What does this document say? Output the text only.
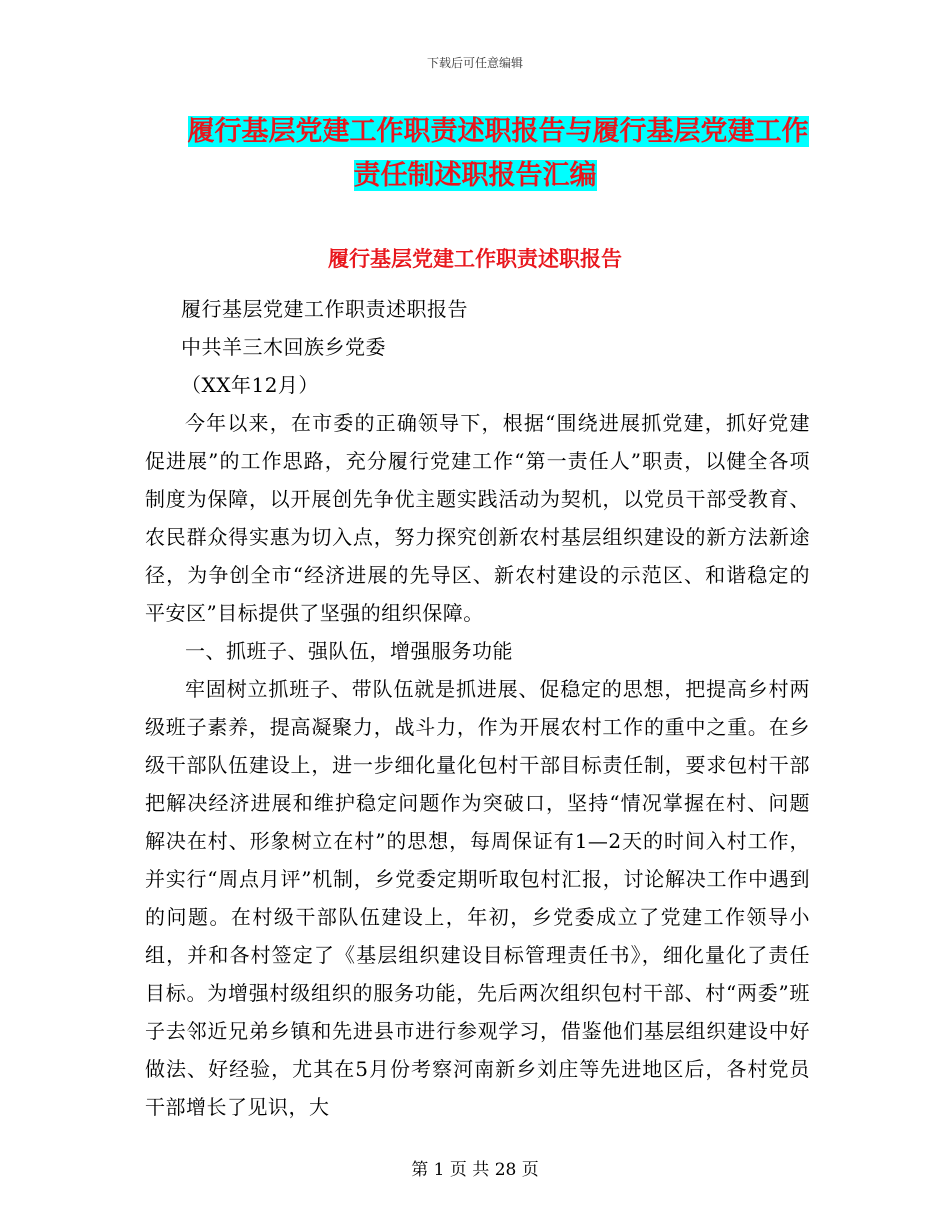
下载后可任意编辑
履行基层党建工作职责述职报告与履行基层党建工作
责任制述职报告汇编
履行基层党建工作职责述职报告

履行基层党建工作职责述职报告

中共羊三木回族乡党委

（XX年12月）

今年以来，在市委的正确领导下，根据“围绕进展抓党建，抓好党建促进展”的工作思路，充分履行党建工作“第一责任人”职责，以健全各项制度为保障，以开展创先争优主题实践活动为契机，以党员干部受教育、农民群众得实惠为切入点，努力探究创新农村基层组织建设的新方法新途径，为争创全市“经济进展的先导区、新农村建设的示范区、和谐稳定的平安区”目标提供了坚强的组织保障。

一、抓班子、强队伍，增强服务功能

牢固树立抓班子、带队伍就是抓进展、促稳定的思想，把提高乡村两级班子素养，提高凝聚力，战斗力，作为开展农村工作的重中之重。在乡级干部队伍建设上，进一步细化量化包村干部目标责任制，要求包村干部把解决经济进展和维护稳定问题作为突破口，坚持“情况掌握在村、问题解决在村、形象树立在村”的思想，每周保证有1—2天的时间入村工作，并实行“周点月评”机制，乡党委定期听取包村汇报，讨论解决工作中遇到的问题。在村级干部队伍建设上，年初，乡党委成立了党建工作领导小组，并和各村签定了《基层组织建设目标管理责任书》，细化量化了责任目标。为增强村级组织的服务功能，先后两次组织包村干部、村“两委”班子去邻近兄弟乡镇和先进县市进行参观学习，借鉴他们基层组织建设中好做法、好经验，尤其在5月份考察河南新乡刘庄等先进地区后，各村党员干部增长了见识，大

第 1 页 共 28 页
